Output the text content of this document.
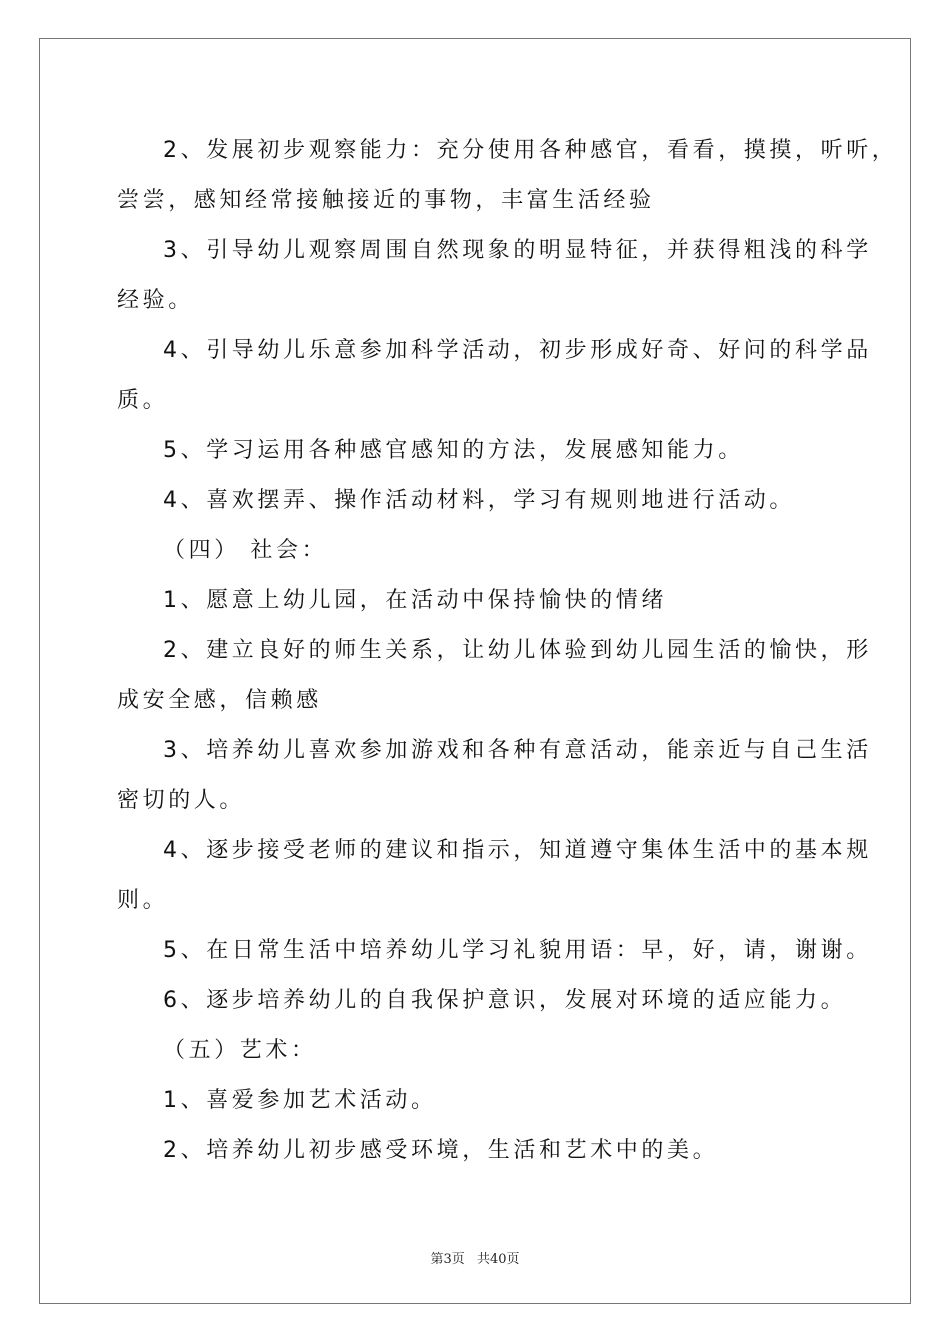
2、发展初步观察能力：充分使用各种感官，看看，摸摸，听听，

尝尝，感知经常接触接近的事物，丰富生活经验

3、引导幼儿观察周围自然现象的明显特征，并获得粗浅的科学

经验。

4、引导幼儿乐意参加科学活动，初步形成好奇、好问的科学品

质。

5、学习运用各种感官感知的方法，发展感知能力。

4、喜欢摆弄、操作活动材料，学习有规则地进行活动。

（四） 社会：

1、愿意上幼儿园，在活动中保持愉快的情绪

2、建立良好的师生关系，让幼儿体验到幼儿园生活的愉快，形

成安全感，信赖感

3、培养幼儿喜欢参加游戏和各种有意活动，能亲近与自己生活

密切的人。

4、逐步接受老师的建议和指示，知道遵守集体生活中的基本规

则。

5、在日常生活中培养幼儿学习礼貌用语：早，好，请，谢谢。

6、逐步培养幼儿的自我保护意识，发展对环境的适应能力。

（五）艺术：

1、喜爱参加艺术活动。

2、培养幼儿初步感受环境，生活和艺术中的美。

第3页 共40页
